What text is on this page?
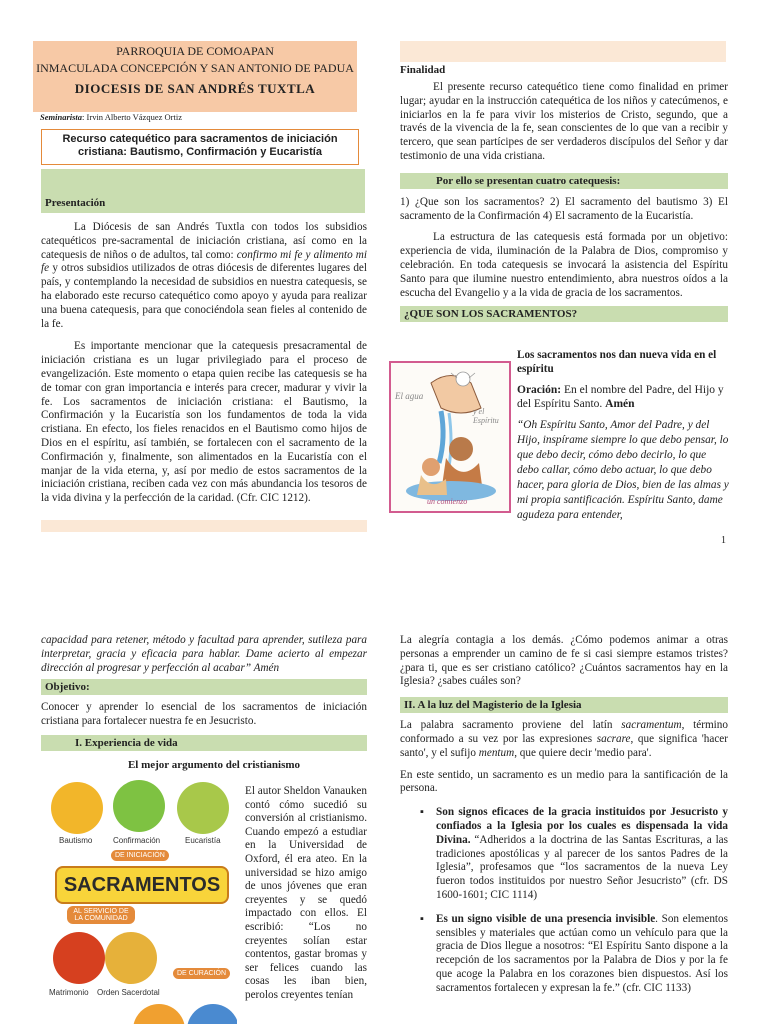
PARROQUIA DE COMOAPAN
INMACULADA CONCEPCIÓN Y SAN ANTONIO DE PADUA
DIOCESIS DE SAN ANDRÉS TUXTLA
Seminarista: Irvin Alberto Vázquez Ortiz
Recurso catequético para sacramentos de iniciación cristiana: Bautismo, Confirmación y Eucaristía
Presentación

La Diócesis de san Andrés Tuxtla con todos los subsidios catequéticos pre-sacramental de iniciación cristiana, así como en la catequesis de niños o de adultos, tal como: confirmo mi fe y alimento mi fe y otros subsidios utilizados de otras diócesis de diferentes lugares del país, y contemplando la necesidad de subsidios en nuestra catequesis, se ha elaborado este recurso catequético como apoyo y ayuda para realizar una buena catequesis, para que conociéndola sean fieles al contenido de la fe.

Es importante mencionar que la catequesis presacramental de iniciación cristiana es un lugar privilegiado para el proceso de evangelización. Este momento o etapa quien recibe las catequesis se ha de tomar con gran importancia e interés para crecer, madurar y vivir la fe. Los sacramentos de iniciación cristiana: el Bautismo, la Confirmación y la Eucaristía son los fundamentos de toda la vida cristiana. En efecto, los fieles renacidos en el Bautismo como hijos de Dios en el espíritu, así también, se fortalecen con el sacramento de la Confirmación y, finalmente, son alimentados en la Eucaristía con el manjar de la vida eterna, y, así por medio de estos sacramentos de la iniciación cristiana, reciben cada vez con más abundancia los tesoros de la vida divina y la perfección de la caridad. (Cfr. CIC 1212).

Finalidad

El presente recurso catequético tiene como finalidad en primer lugar; ayudar en la instrucción catequética de los niños y catecúmenos, e iniciarlos en la fe para vivir los misterios de Cristo, segundo, que a través de la vivencia de la fe, sean conscientes de lo que van a recibir y tercero, que sean partícipes de ser verdaderos discípulos del Señor y dar testimonio de una vida cristiana.

Por ello se presentan cuatro catequesis:

1) ¿Que son los sacramentos? 2) El sacramento del bautismo 3) El sacramento de la Confirmación 4) El sacramento de la Eucaristía.

La estructura de las catequesis está formada por un objetivo: experiencia de vida, iluminación de la Palabra de Dios, compromiso y celebración. En toda catequesis se invocará la asistencia del Espíritu Santo para que ilumine nuestro entendimiento, abra nuestros oídos a la escucha del Evangelio y a la vida de gracia de los sacramentos.

¿QUE SON LOS SACRAMENTOS?
El agua
y el Espíritu
un comienzo

Los sacramentos nos dan nueva vida en el espíritu

Oración: En el nombre del Padre, del Hijo y del Espíritu Santo. Amén

“Oh Espíritu Santo, Amor del Padre, y del Hijo, inspírame siempre lo que debo pensar, lo que debo decir, cómo debo decirlo, lo que debo callar, cómo debo actuar, lo que debo hacer, para gloria de Dios, bien de las almas y mi propia santificación. Espíritu Santo, dame agudeza para entender,

1

capacidad para retener, método y facultad para aprender, sutileza para interpretar, gracia y eficacia para hablar. Dame acierto al empezar dirección al progresar y perfección al acabar” Amén

Objetivo:

Conocer y aprender lo esencial de los sacramentos de iniciación cristiana para fortalecer nuestra fe en Jesucristo.

I. Experiencia de vida
El mejor argumento del cristianismo
Bautismo	Confirmación	Eucaristía
DE INICIACIÓN
SACRAMENTOS
AL SERVICIO DE LA COMUNIDAD
Matrimonio Orden Sacerdotal
DE CURACIÓN

El autor Sheldon Vanauken contó cómo sucedió su conversión al cristianismo. Cuando empezó a estudiar en la Universidad de Oxford, él era ateo. En la universidad se hizo amigo de unos jóvenes que eran creyentes y se quedó impactado con ellos. El escribió: “Los no creyentes solían estar contentos, gastar bromas y ser felices cuando las cosas les iban bien, perolos creyentes tenían

La alegría contagia a los demás. ¿Cómo podemos animar a otras personas a emprender un camino de fe si casi siempre estamos tristes? ¿para ti, que es ser cristiano católico? ¿Cuántos sacramentos hay en la Iglesia? ¿sabes cuáles son?

II. A la luz del Magisterio de la Iglesia

La palabra sacramento proviene del latín sacramentum, término conformado a su vez por las expresiones sacrare, que significa 'hacer santo', y el sufijo mentum, que quiere decir 'medio para'.

En este sentido, un sacramento es un medio para la santificación de la persona.

▪ Son signos eficaces de la gracia instituidos por Jesucristo y confiados a la Iglesia por los cuales es dispensada la vida Divina. “Adheridos a la doctrina de las Santas Escrituras, a las tradiciones apostólicas y al parecer de los santos Padres de la Iglesia”, profesamos que “los sacramentos de la nueva Ley fueron todos instituidos por nuestro Señor Jesucristo” (cfr. DS 1600-1601; CIC 1114)

▪ Es un signo visible de una presencia invisible. Son elementos sensibles y materiales que actúan como un vehículo para que la gracia de Dios llegue a nosotros: “El Espíritu Santo dispone a la recepción de los sacramentos por la Palabra de Dios y por la fe que acoge la Palabra en los corazones bien dispuestos. Así los sacramentos fortalecen y expresan la fe.” (cfr. CIC 1133)
